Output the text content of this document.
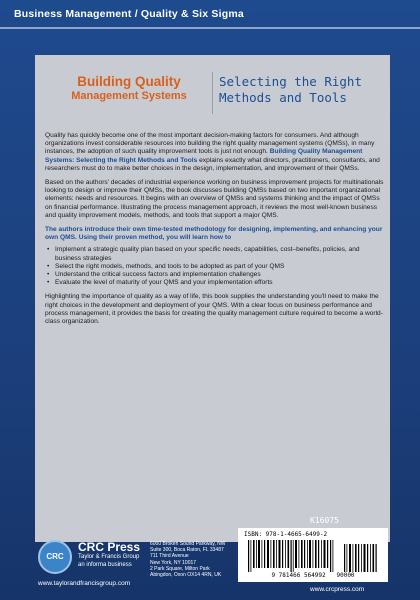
Business Management / Quality & Six Sigma
Building Quality
Management Systems
Selecting the Right
Methods and Tools

Quality has quickly become one of the most important decision-making factors for consumers. And although organizations invest considerable resources into building the right quality management systems (QMSs), in many instances, the adoption of such quality improvement tools is just not enough. Building Quality Management Systems: Selecting the Right Methods and Tools explains exactly what directors, practitioners, consultants, and researchers must do to make better choices in the design, implementation, and improvement of their QMSs.

Based on the authors' decades of industrial experience working on business improvement projects for multinationals looking to design or improve their QMSs, the book discusses building QMSs based on two important organizational elements: needs and resources. It begins with an overview of QMSs and systems thinking and the impact of QMSs on financial performance. Illustrating the process management approach, it reviews the most well-known business and quality improvement models, methods, and tools that support a major QMS.

The authors introduce their own time-tested methodology for designing, implementing, and enhancing your own QMS. Using their proven method, you will learn how to

• Implement a strategic quality plan based on your specific needs, capabilities, cost–benefits, policies, and business strategies
• Select the right models, methods, and tools to be adopted as part of your QMS
• Understand the critical success factors and implementation challenges
• Evaluate the level of maturity of your QMS and your implementation efforts

Highlighting the importance of quality as a way of life, this book supplies the understanding you'll need to make the right choices in the development and deployment of your QMS. With a clear focus on business performance and process management, it provides the basis for creating the quality management culture required to become a world-class organization.

K16075
ISBN: 978-1-4665-6499-2
9 781466 564992 90000
CRC
CRC Press
Taylor & Francis Group
an informa business
6000 Broken Sound Parkway, NW
Suite 300, Boca Raton, FL 33487
711 Third Avenue
New York, NY 10017
2 Park Square, Milton Park
Abingdon, Oxon OX14 4RN, UK
www.taylorandfrancisgroup.com
www.crcpress.com
